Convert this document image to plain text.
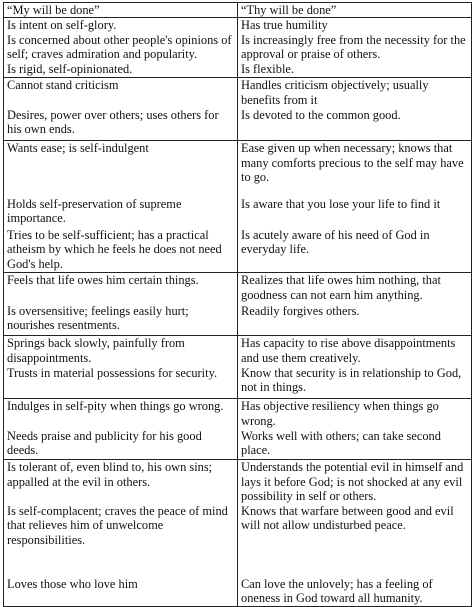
“My will be done”	“Thy will be done”
Is intent on self-glory.	Has true humility
Is concerned about other people's opinions of self; craves admiration and popularity.	Is increasingly free from the necessity for the approval or praise of others.
Is rigid, self-opinionated.	Is flexible.
Cannot stand criticism	Handles criticism objectively; usually benefits from it
Desires, power over others; uses others for his own ends.	Is devoted to the common good.
Wants ease; is self-indulgent	Ease given up when necessary; knows that many comforts precious to the self may have to go.
Holds self-preservation of supreme importance.	Is aware that you lose your life to find it
Tries to be self-sufficient; has a practical atheism by which he feels he does not need God's help.	Is acutely aware of his need of God in everyday life.
Feels that life owes him certain things.	Realizes that life owes him nothing, that goodness can not earn him anything.
Is oversensitive; feelings easily hurt; nourishes resentments.	Readily forgives others.
Springs back slowly, painfully from disappointments.	Has capacity to rise above disappointments and use them creatively.
Trusts in material possessions for security.	Know that security is in relationship to God, not in things.
Indulges in self-pity when things go wrong.	Has objective resiliency when things go wrong.
Needs praise and publicity for his good deeds.	Works well with others; can take second place.
Is tolerant of, even blind to, his own sins; appalled at the evil in others.	Understands the potential evil in himself and lays it before God; is not shocked at any evil possibility in self or others.
Is self-complacent; craves the peace of mind that relieves him of unwelcome responsibilities.	Knows that warfare between good and evil will not allow undisturbed peace.
Loves those who love him	Can love the unlovely; has a feeling of oneness in God toward all humanity.
